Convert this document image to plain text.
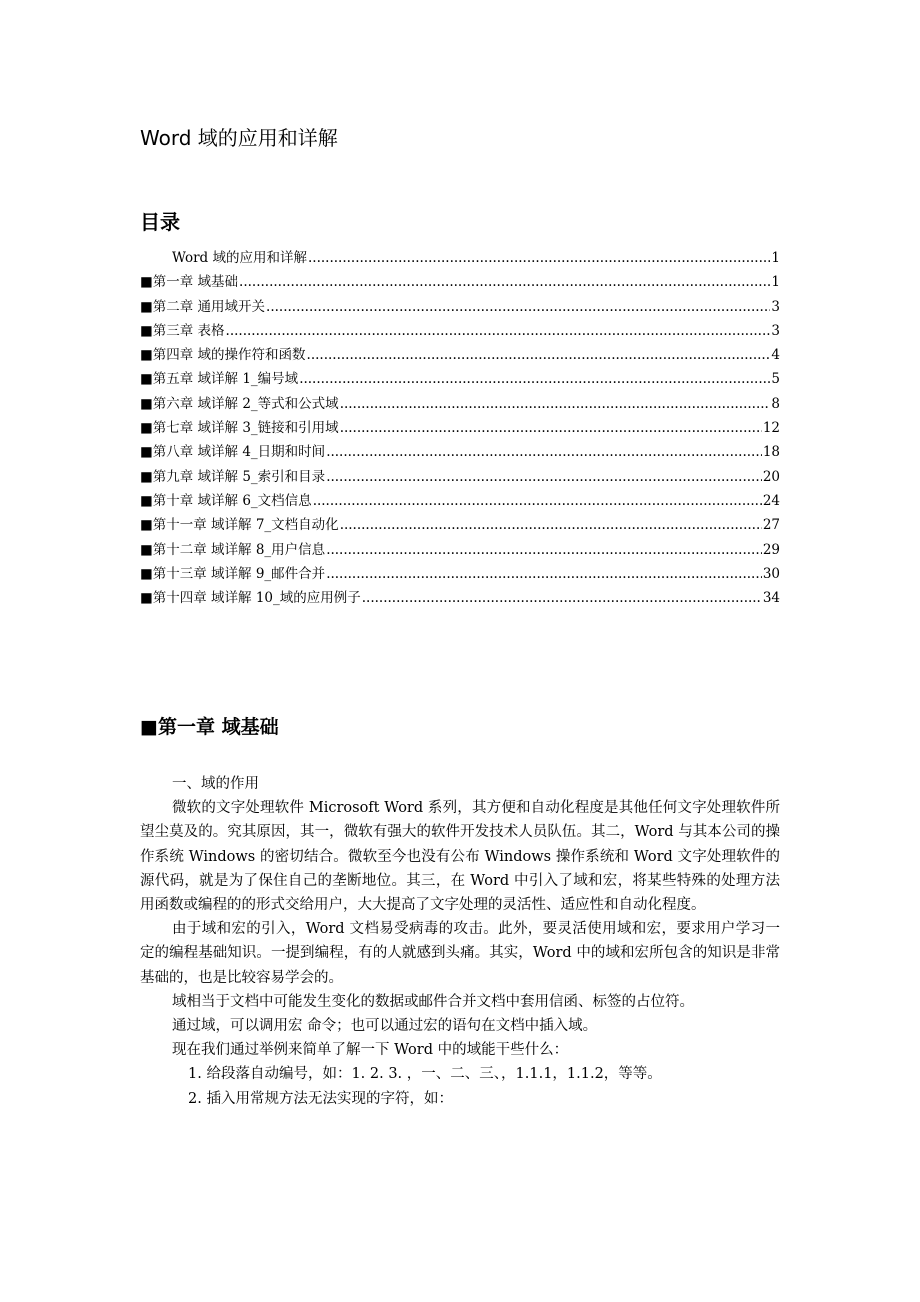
Word 域的应用和详解
目录
Word 域的应用和详解 .....	1
■第一章 域基础 .....	1
■第二章 通用域开关 .....	3
■第三章 表格 .....	3
■第四章 域的操作符和函数 .....	4
■第五章 域详解 1_编号域 .....	5
■第六章 域详解 2_等式和公式域 .....	8
■第七章 域详解 3_链接和引用域 .....	12
■第八章 域详解 4_日期和时间 .....	18
■第九章 域详解 5_索引和目录 .....	20
■第十章 域详解 6_文档信息 .....	24
■第十一章 域详解 7_文档自动化 .....	27
■第十二章 域详解 8_用户信息 .....	29
■第十三章 域详解 9_邮件合并 .....	30
■第十四章 域详解 10_域的应用例子 .....	34
■第一章 域基础

一、域的作用

微软的文字处理软件 Microsoft Word 系列，其方便和自动化程度是其他任何文字处理软件所望尘莫及的。究其原因，其一，微软有强大的软件开发技术人员队伍。其二，Word 与其本公司的操作系统 Windows 的密切结合。微软至今也没有公布 Windows 操作系统和 Word 文字处理软件的源代码，就是为了保住自己的垄断地位。其三，在 Word 中引入了域和宏，将某些特殊的处理方法用函数或编程的的形式交给用户，大大提高了文字处理的灵活性、适应性和自动化程度。

由于域和宏的引入，Word 文档易受病毒的攻击。此外，要灵活使用域和宏，要求用户学习一定的编程基础知识。一提到编程，有的人就感到头痛。其实，Word 中的域和宏所包含的知识是非常基础的，也是比较容易学会的。

域相当于文档中可能发生变化的数据或邮件合并文档中套用信函、标签的占位符。

通过域，可以调用宏 命令；也可以通过宏的语句在文档中插入域。

现在我们通过举例来简单了解一下 Word 中的域能干些什么：

1. 给段落自动编号，如：1. 2. 3. ，一、二、三、，1.1.1，1.1.2，等等。

2. 插入用常规方法无法实现的字符，如：
